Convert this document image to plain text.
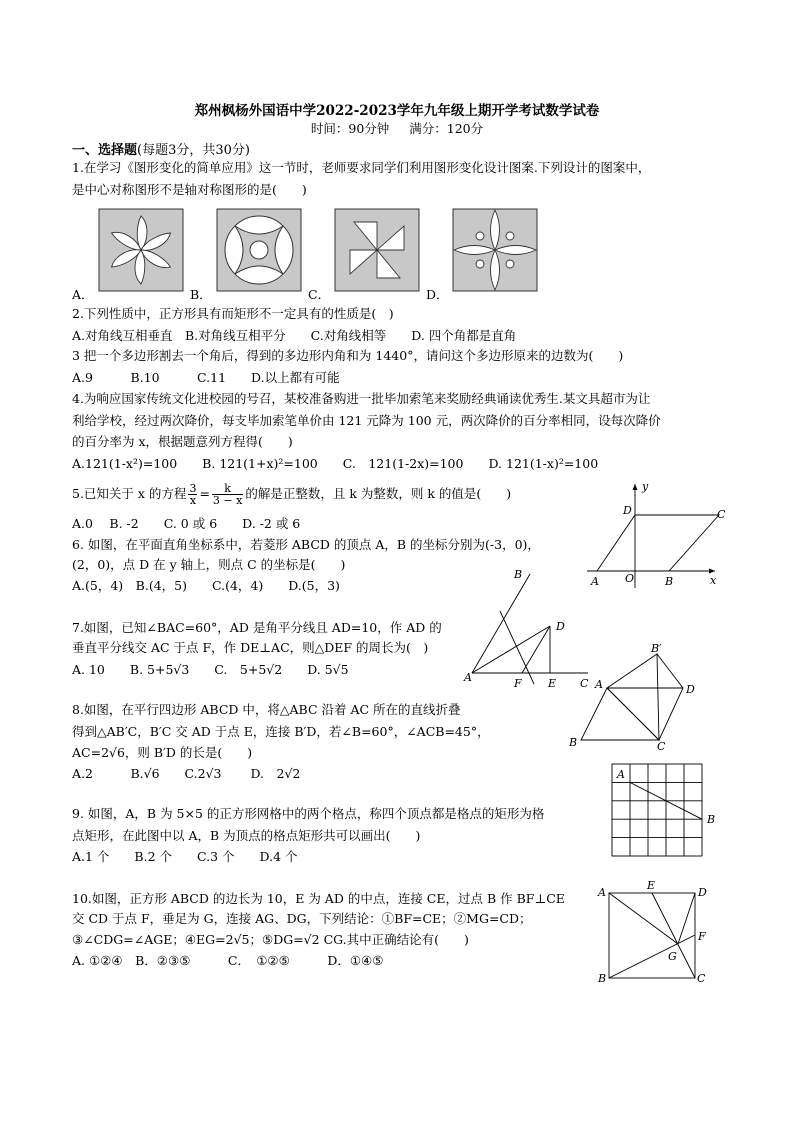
郑州枫杨外国语中学2022-2023学年九年级上期开学考试数学试卷
时间：90分钟 满分：120分
一、选择题(每题3分，共30分)
1.在学习《图形变化的简单应用》这一节时，老师要求同学们利用图形变化设计图案.下列设计的图案中，
是中心对称图形不是轴对称图形的是(　　)
A．	B．	C．	D．
2.下列性质中，正方形具有而矩形不一定具有的性质是(　)
A.对角线互相垂直　B.对角线互相平分　　C.对角线相等　　D. 四个角都是直角
3 把一个多边形割去一个角后，得到的多边形内角和为 1440°，请问这个多边形原来的边数为(　　)
A.9　　　B.10　　　C.11　　D.以上都有可能
4.为响应国家传统文化进校园的号召，某校准备购进一批毕加索笔来奖励经典诵读优秀生.某文具超市为让
利给学校，经过两次降价，每支毕加索笔单价由 121 元降为 100 元，两次降价的百分率相同，设每次降价
的百分率为 x，根据题意列方程得(　　)
A.121(1-x²)=100　　B. 121(1+x)²=100　　C.　121(1-2x)=100　　D. 121(1-x)²=100
5.已知关于 x 的方程 $\frac{3}{x} = \frac{k}{3 - x}$ 的解是正整数，且 k 为整数，则 k 的值是(　　)
A.0　 B. -2　　C. 0 或 6　　D. -2 或 6
6. 如图，在平面直角坐标系中，若菱形 ABCD 的顶点 A，B 的坐标分别为(-3，0)，
(2，0)，点 D 在 y 轴上，则点 C 的坐标是(　　)
A.(5，4)　B.(4，5)　　C.(4，4)　　D.(5，3)
y
x
D	C
A O	B
7.如图，已知∠BAC=60°，AD 是角平分线且 AD=10，作 AD 的
垂直平分线交 AC 于点 F，作 DE⊥AC，则△DEF 的周长为(　)
A. 10　　B. 5+5√3　　C.　5+5√2　　D. 5√5
B
D
A	F E C
8.如图，在平行四边形 ABCD 中，将△ABC 沿着 AC 所在的直线折叠
得到△AB′C，B′C 交 AD 于点 E，连接 B′D，若∠B=60°，∠ACB=45°，
AC=2√6，则 B′D 的长是(　　)
A.2　　　B.√6　　C.2√3　　 D.　2√2
B′
A	D
B	C
9. 如图，A，B 为 5×5 的正方形网格中的两个格点，称四个顶点都是格点的矩形为格
点矩形，在此图中以 A，B 为顶点的格点矩形共可以画出(　　)
A.1 个　　B.2 个　　C.3 个　　D.4 个
A
B
10.如图，正方形 ABCD 的边长为 10，E 为 AD 的中点，连接 CE，过点 B 作 BF⊥CE
交 CD 于点 F，垂足为 G，连接 AG、DG，下列结论：①BF=CE；②MG=CD；
③∠CDG=∠AGE；④EG=2√5；⑤DG=√2 CG.其中正确结论有(　　)
A. ①②④　B．②③⑤　　　C．　①②⑤　　　D．①④⑤
A
E
D
F
G
B	C
